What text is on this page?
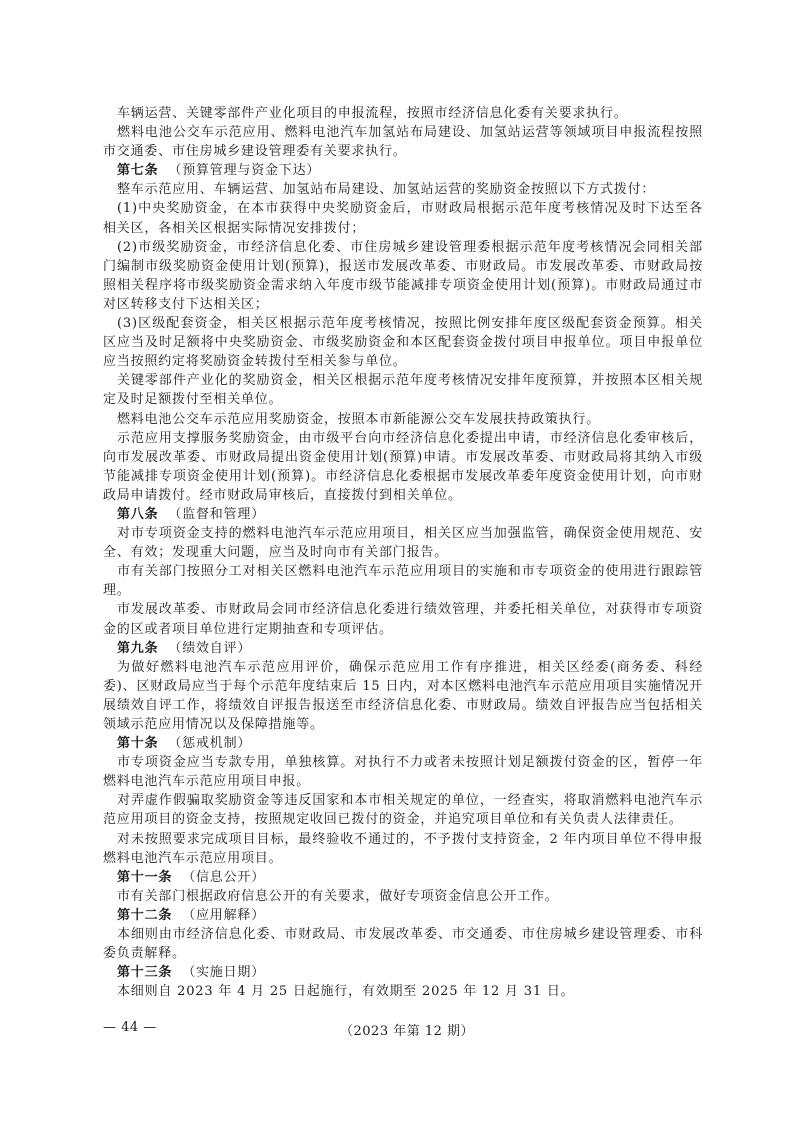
车辆运营、关键零部件产业化项目的申报流程，按照市经济信息化委有关要求执行。

燃料电池公交车示范应用、燃料电池汽车加氢站布局建设、加氢站运营等领域项目申报流程按照市交通委、市住房城乡建设管理委有关要求执行。

第七条 （预算管理与资金下达）

整车示范应用、车辆运营、加氢站布局建设、加氢站运营的奖励资金按照以下方式拨付：

(1)中央奖励资金，在本市获得中央奖励资金后，市财政局根据示范年度考核情况及时下达至各相关区，各相关区根据实际情况安排拨付；

(2)市级奖励资金，市经济信息化委、市住房城乡建设管理委根据示范年度考核情况会同相关部门编制市级奖励资金使用计划(预算)，报送市发展改革委、市财政局。市发展改革委、市财政局按照相关程序将市级奖励资金需求纳入年度市级节能减排专项资金使用计划(预算)。市财政局通过市对区转移支付下达相关区；

(3)区级配套资金，相关区根据示范年度考核情况，按照比例安排年度区级配套资金预算。相关区应当及时足额将中央奖励资金、市级奖励资金和本区配套资金拨付项目申报单位。项目申报单位应当按照约定将奖励资金转拨付至相关参与单位。

关键零部件产业化的奖励资金，相关区根据示范年度考核情况安排年度预算，并按照本区相关规定及时足额拨付至相关单位。

燃料电池公交车示范应用奖励资金，按照本市新能源公交车发展扶持政策执行。

示范应用支撑服务奖励资金，由市级平台向市经济信息化委提出申请，市经济信息化委审核后，向市发展改革委、市财政局提出资金使用计划(预算)申请。市发展改革委、市财政局将其纳入市级节能减排专项资金使用计划(预算)。市经济信息化委根据市发展改革委年度资金使用计划，向市财政局申请拨付。经市财政局审核后，直接拨付到相关单位。

第八条 （监督和管理）

对市专项资金支持的燃料电池汽车示范应用项目，相关区应当加强监管，确保资金使用规范、安全、有效；发现重大问题，应当及时向市有关部门报告。

市有关部门按照分工对相关区燃料电池汽车示范应用项目的实施和市专项资金的使用进行跟踪管理。

市发展改革委、市财政局会同市经济信息化委进行绩效管理，并委托相关单位，对获得市专项资金的区或者项目单位进行定期抽查和专项评估。

第九条 （绩效自评）

为做好燃料电池汽车示范应用评价，确保示范应用工作有序推进，相关区经委(商务委、科经委)、区财政局应当于每个示范年度结束后 15 日内，对本区燃料电池汽车示范应用项目实施情况开展绩效自评工作，将绩效自评报告报送至市经济信息化委、市财政局。绩效自评报告应当包括相关领域示范应用情况以及保障措施等。

第十条 （惩戒机制）

市专项资金应当专款专用，单独核算。对执行不力或者未按照计划足额拨付资金的区，暂停一年燃料电池汽车示范应用项目申报。

对弄虚作假骗取奖励资金等违反国家和本市相关规定的单位，一经查实，将取消燃料电池汽车示范应用项目的资金支持，按照规定收回已拨付的资金，并追究项目单位和有关负责人法律责任。

对未按照要求完成项目目标，最终验收不通过的，不予拨付支持资金，2 年内项目单位不得申报燃料电池汽车示范应用项目。

第十一条 （信息公开）

市有关部门根据政府信息公开的有关要求，做好专项资金信息公开工作。

第十二条 （应用解释）

本细则由市经济信息化委、市财政局、市发展改革委、市交通委、市住房城乡建设管理委、市科委负责解释。

第十三条 （实施日期）

本细则自 2023 年 4 月 25 日起施行，有效期至 2025 年 12 月 31 日。

— 44 —	（2023 年第 12 期）
